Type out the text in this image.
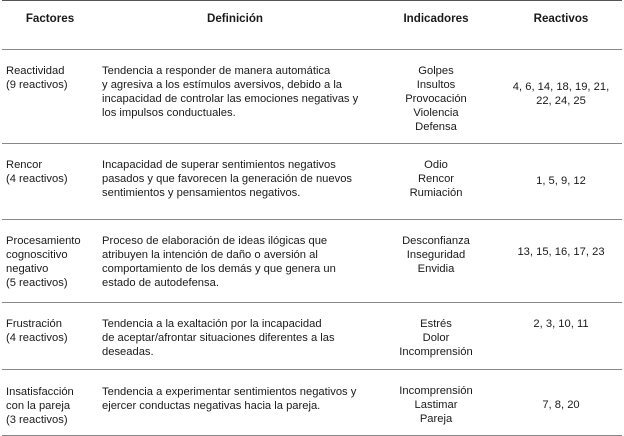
Factores	Definición	Indicadores	Reactivos

Reactividad
(9 reactivos)	Tendencia a responder de manera automática
y agresiva a los estímulos aversivos, debido a la
incapacidad de controlar las emociones negativas y
los impulsos conductuales.	Golpes
Insultos
Provocación
Violencia
Defensa	4, 6, 14, 18, 19, 21,
22, 24, 25

Rencor
(4 reactivos)	Incapacidad de superar sentimientos negativos
pasados y que favorecen la generación de nuevos
sentimientos y pensamientos negativos.	Odio
Rencor
Rumiación	1, 5, 9, 12

Procesamiento
cognoscitivo
negativo
(5 reactivos)	Proceso de elaboración de ideas ilógicas que
atribuyen la intención de daño o aversión al
comportamiento de los demás y que genera un
estado de autodefensa.	Desconfianza
Inseguridad
Envidia	13, 15, 16, 17, 23

Frustración
(4 reactivos)	Tendencia a la exaltación por la incapacidad
de aceptar/afrontar situaciones diferentes a las
deseadas.	Estrés
Dolor
Incomprensión	2, 3, 10, 11

Insatisfacción
con la pareja
(3 reactivos)	Tendencia a experimentar sentimientos negativos y
ejercer conductas negativas hacia la pareja.	Incomprensión
Lastimar
Pareja	7, 8, 20
